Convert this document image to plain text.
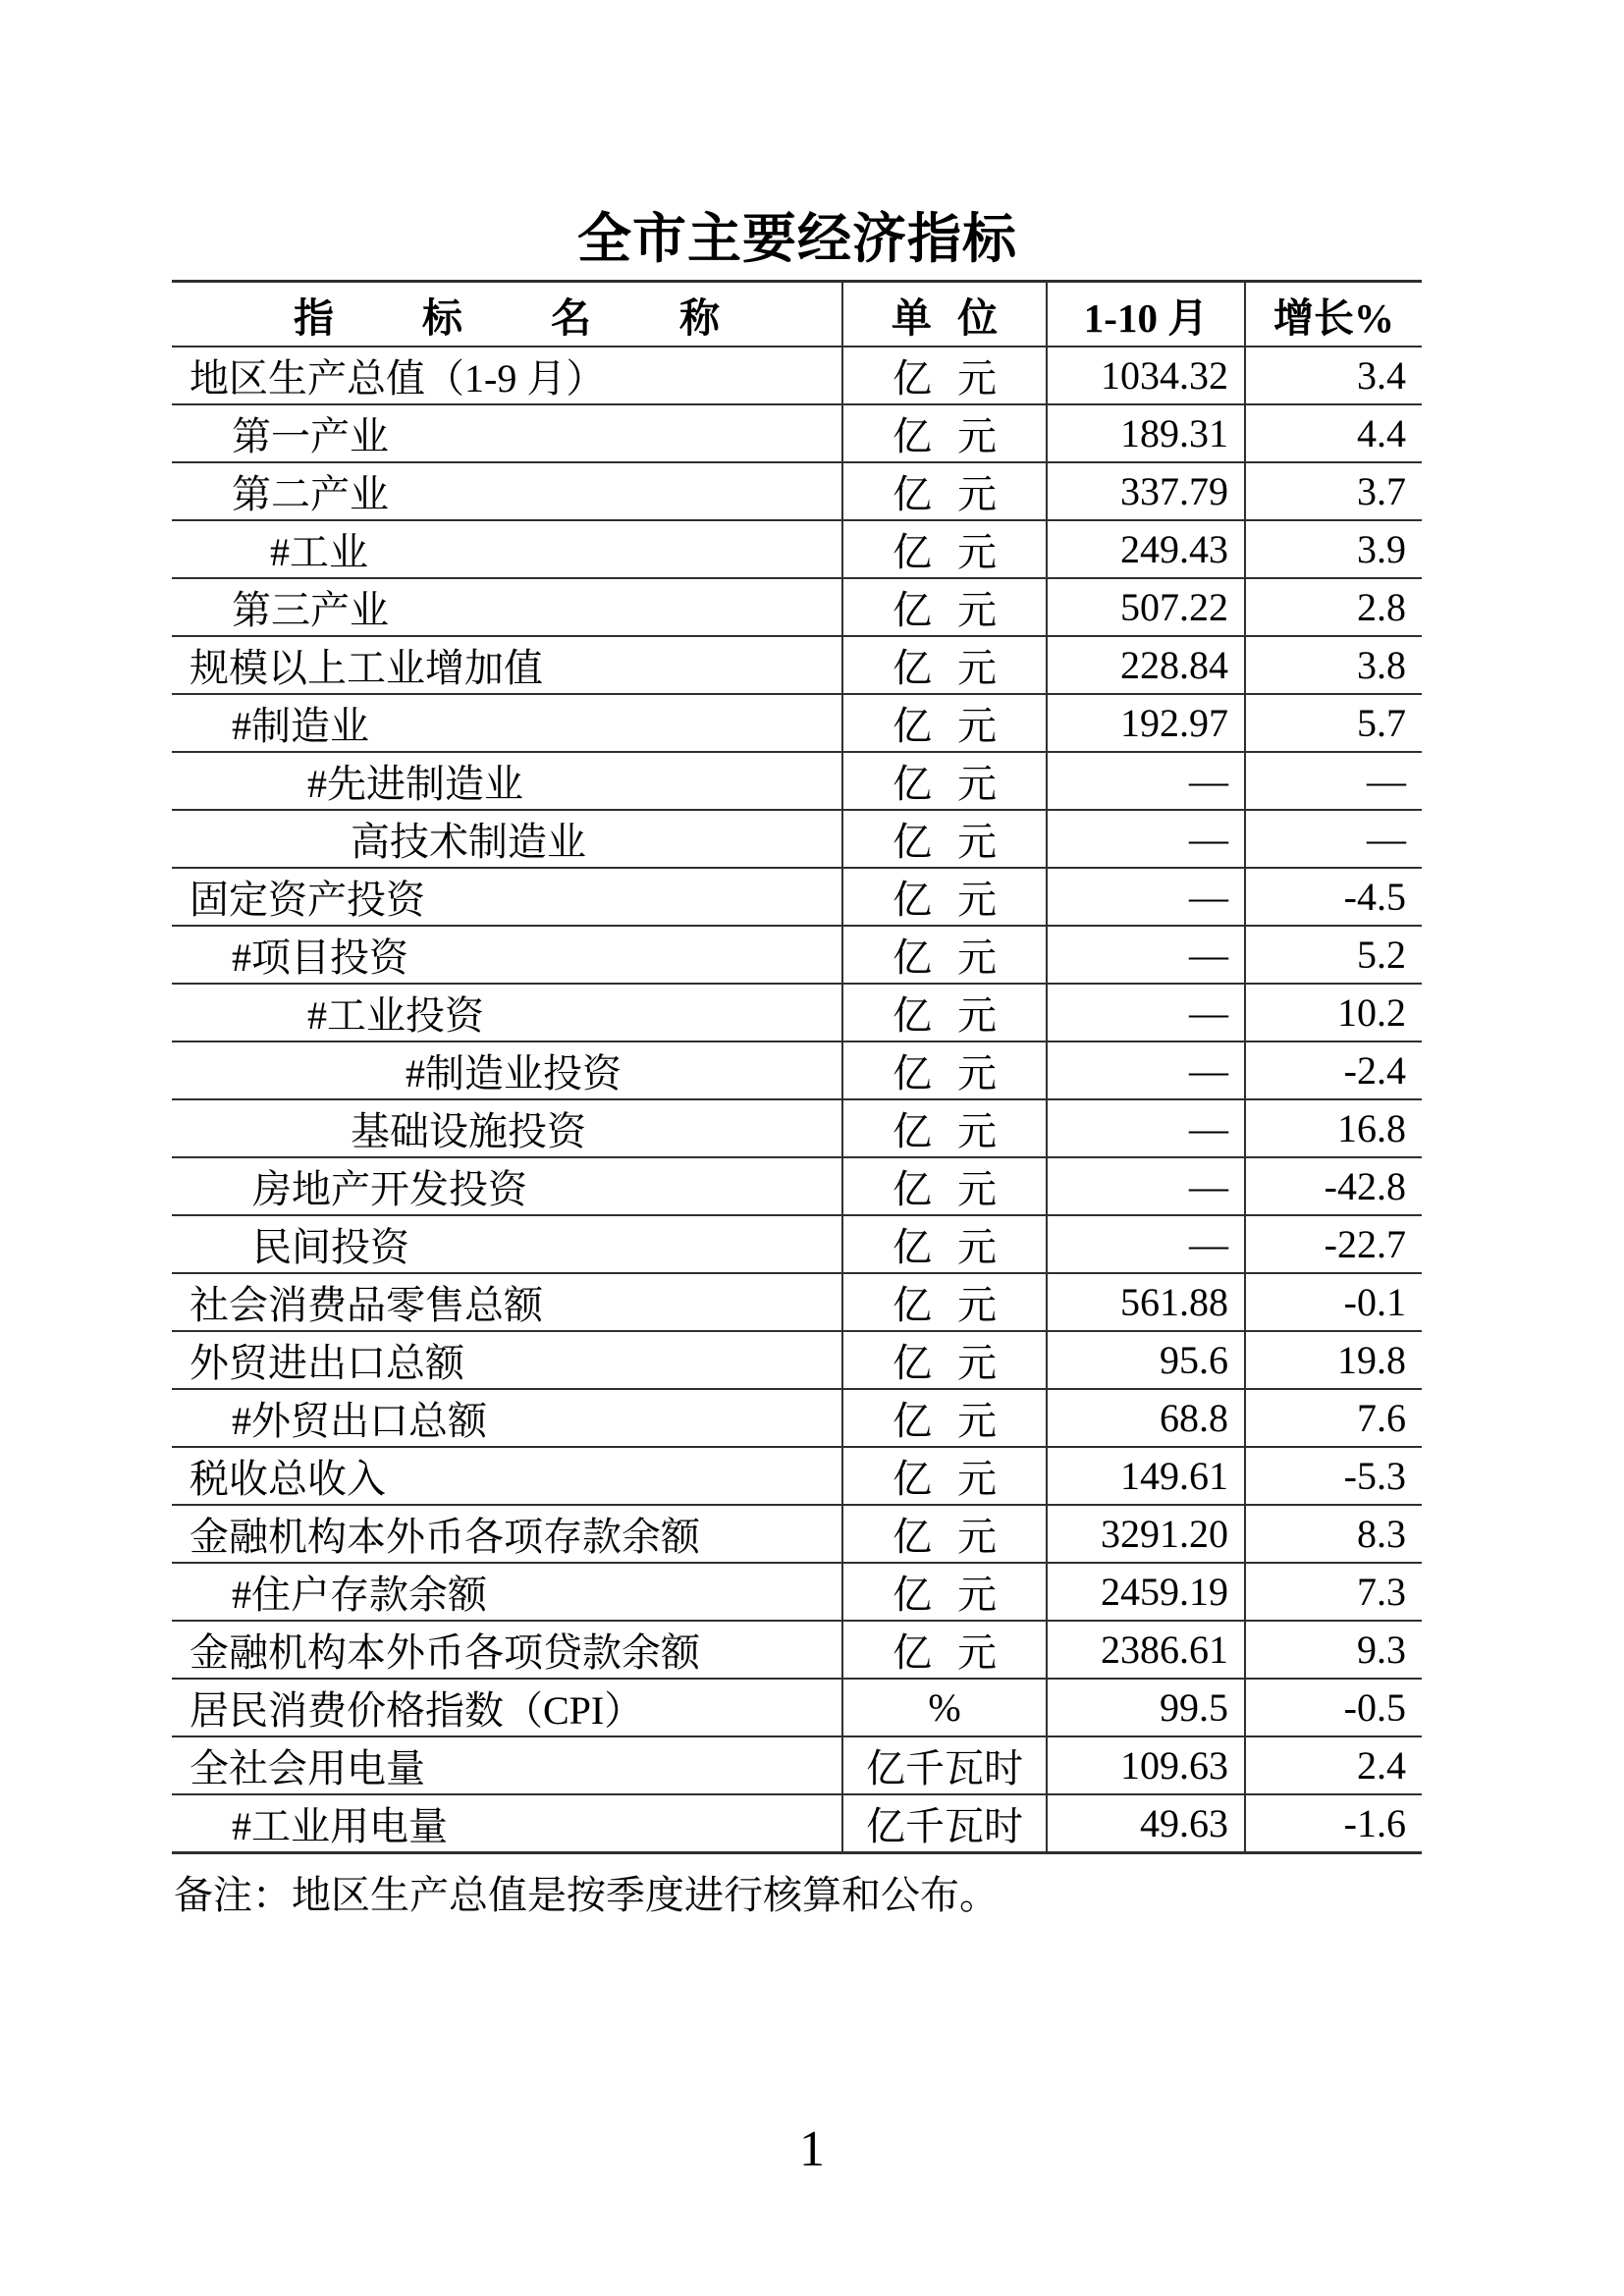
全市主要经济指标
指标名称	单 位	1-10 月	增长%
地区生产总值（1-9 月）	亿 元	1034.32	3.4
第一产业	亿 元	189.31	4.4
第二产业	亿 元	337.79	3.7
#工业	亿 元	249.43	3.9
第三产业	亿 元	507.22	2.8
规模以上工业增加值	亿 元	228.84	3.8
#制造业	亿 元	192.97	5.7
#先进制造业	亿 元	—	—
高技术制造业	亿 元	—	—
固定资产投资	亿 元	—	-4.5
#项目投资	亿 元	—	5.2
#工业投资	亿 元	—	10.2
#制造业投资	亿 元	—	-2.4
基础设施投资	亿 元	—	16.8
房地产开发投资	亿 元	—	-42.8
民间投资	亿 元	—	-22.7
社会消费品零售总额	亿 元	561.88	-0.1
外贸进出口总额	亿 元	95.6	19.8
#外贸出口总额	亿 元	68.8	7.6
税收总收入	亿 元	149.61	-5.3
金融机构本外币各项存款余额	亿 元	3291.20	8.3
#住户存款余额	亿 元	2459.19	7.3
金融机构本外币各项贷款余额	亿 元	2386.61	9.3
居民消费价格指数（CPI）	%	99.5	-0.5
全社会用电量	亿千瓦时	109.63	2.4
#工业用电量	亿千瓦时	49.63	-1.6

备注：地区生产总值是按季度进行核算和公布。

1
